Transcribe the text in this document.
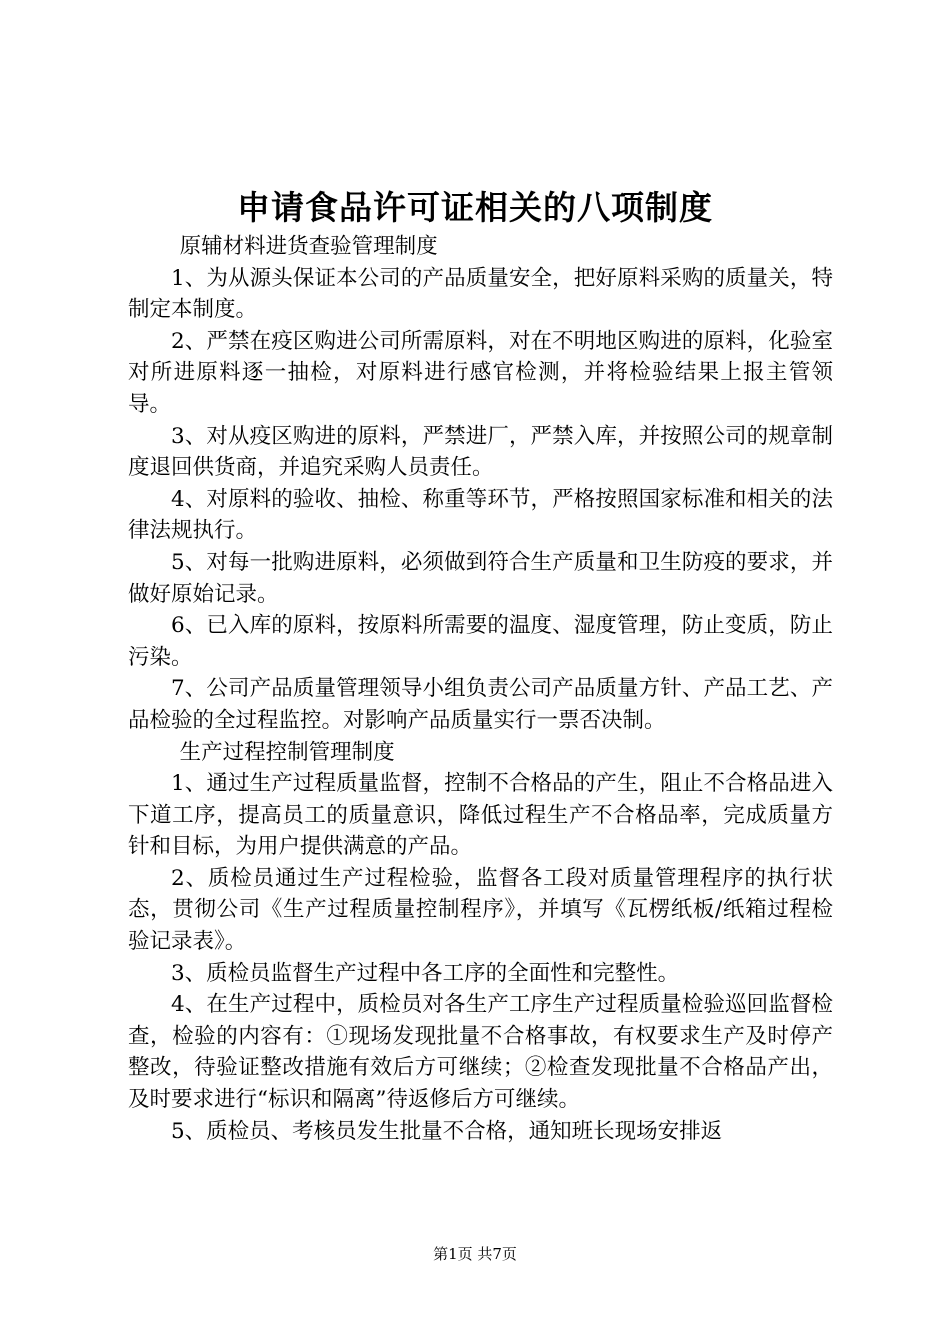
申请食品许可证相关的八项制度

原辅材料进货查验管理制度

1、为从源头保证本公司的产品质量安全，把好原料采购的质量关，特制定本制度。

2、严禁在疫区购进公司所需原料，对在不明地区购进的原料，化验室对所进原料逐一抽检，对原料进行感官检测，并将检验结果上报主管领导。

3、对从疫区购进的原料，严禁进厂，严禁入库，并按照公司的规章制度退回供货商，并追究采购人员责任。

4、对原料的验收、抽检、称重等环节，严格按照国家标准和相关的法律法规执行。

5、对每一批购进原料，必须做到符合生产质量和卫生防疫的要求，并做好原始记录。

6、已入库的原料，按原料所需要的温度、湿度管理，防止变质，防止污染。

7、公司产品质量管理领导小组负责公司产品质量方针、产品工艺、产品检验的全过程监控。对影响产品质量实行一票否决制。

生产过程控制管理制度

1、通过生产过程质量监督，控制不合格品的产生，阻止不合格品进入下道工序，提高员工的质量意识，降低过程生产不合格品率，完成质量方针和目标，为用户提供满意的产品。

2、质检员通过生产过程检验，监督各工段对质量管理程序的执行状态，贯彻公司《生产过程质量控制程序》，并填写《瓦楞纸板/纸箱过程检验记录表》。

3、质检员监督生产过程中各工序的全面性和完整性。

4、在生产过程中，质检员对各生产工序生产过程质量检验巡回监督检查，检验的内容有：①现场发现批量不合格事故，有权要求生产及时停产整改，待验证整改措施有效后方可继续；②检查发现批量不合格品产出，及时要求进行“标识和隔离”待返修后方可继续。

5、质检员、考核员发生批量不合格，通知班长现场安排返

第1页 共7页
